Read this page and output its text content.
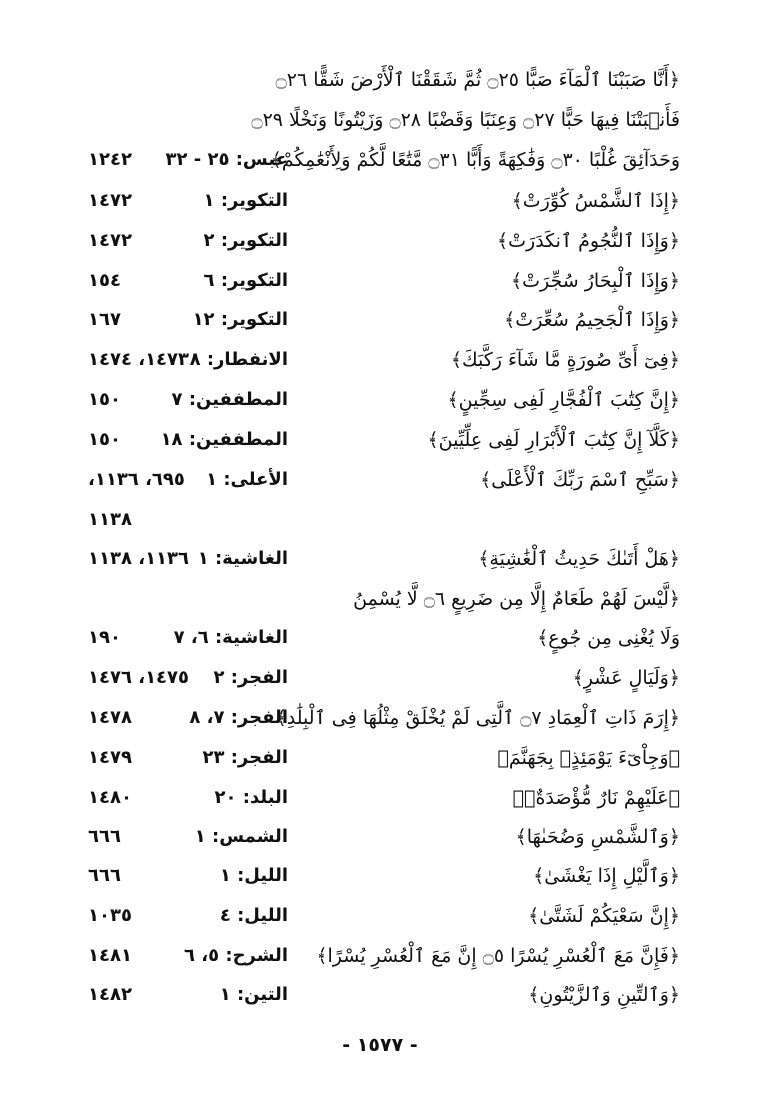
﴿أَنَّا صَبَبْنَا ٱلْمَآءَ صَبًّا ۝٢٥ ثُمَّ شَقَقْنَا ٱلْأَرْضَ شَقًّا ۝٢٦
فَأَنۢبَتْنَا فِيهَا حَبًّا ۝٢٧ وَعِنَبًا وَقَضْبًا ۝٢٨ وَزَيْتُونًا وَنَخْلًا ۝٢٩
وَحَدَآئِقَ غُلْبًا ۝٣٠ وَفَٰكِهَةً وَأَبًّا ۝٣١ مَّتَٰعًا لَّكُمْ وَلِأَنْعَٰمِكُمْ﴾
عبس: ٢٥ - ٣٢
١٢٤٢
﴿إِذَا ٱلشَّمْسُ كُوِّرَتْ﴾
التكوير: ١
١٤٧٢
﴿وَإِذَا ٱلنُّجُومُ ٱنكَدَرَتْ﴾
التكوير: ٢
١٤٧٢
﴿وَإِذَا ٱلْبِحَارُ سُجِّرَتْ﴾
التكوير: ٦
١٥٤
﴿وَإِذَا ٱلْجَحِيمُ سُعِّرَتْ﴾
التكوير: ١٢
١٦٧
﴿فِىٓ أَىِّ صُورَةٍ مَّا شَآءَ رَكَّبَكَ﴾
الانفطار: ٨
١٤٧٣، ١٤٧٤
﴿إِنَّ كِتَٰبَ ٱلْفُجَّارِ لَفِى سِجِّينٍ﴾
المطففين: ٧
١٥٠
﴿كَلَّآ إِنَّ كِتَٰبَ ٱلْأَبْرَارِ لَفِى عِلِّيِّينَ﴾
المطففين: ١٨
١٥٠
﴿سَبِّحِ ٱسْمَ رَبِّكَ ٱلْأَعْلَى﴾
الأعلى: ١
٦٩٥، ١١٣٦،
١١٣٨
﴿هَلْ أَتَىٰكَ حَدِيثُ ٱلْغَٰشِيَةِ﴾
الغاشية: ١
١١٣٦، ١١٣٨
﴿لَّيْسَ لَهُمْ طَعَامٌ إِلَّا مِن ضَرِيعٍ ۝٦ لَّا يُسْمِنُ
وَلَا يُغْنِى مِن جُوعٍ﴾
الغاشية: ٦، ٧
١٩٠
﴿وَلَيَالٍ عَشْرٍ﴾
الفجر: ٢
١٤٧٥، ١٤٧٦
﴿إِرَمَ ذَاتِ ٱلْعِمَادِ ۝٧ ٱلَّتِى لَمْ يُخْلَقْ مِثْلُهَا فِى ٱلْبِلَٰدِ﴾
الفجر: ٧، ٨
١٤٧٨
﴿وَجِاْىٓءَ يَوْمَئِذٍۭ بِجَهَنَّمَ﴾
الفجر: ٢٣
١٤٧٩
﴿عَلَيْهِمْ نَارٌ مُّؤْصَدَةٌۢ﴾
البلد: ٢٠
١٤٨٠
﴿وَٱلشَّمْسِ وَضُحَىٰهَا﴾
الشمس: ١
٦٦٦
﴿وَٱلَّيْلِ إِذَا يَغْشَىٰ﴾
الليل: ١
٦٦٦
﴿إِنَّ سَعْيَكُمْ لَشَتَّىٰ﴾
الليل: ٤
١٠٣٥
﴿فَإِنَّ مَعَ ٱلْعُسْرِ يُسْرًا ۝٥ إِنَّ مَعَ ٱلْعُسْرِ يُسْرًا﴾
الشرح: ٥، ٦
١٤٨١
﴿وَٱلتِّينِ وَٱلزَّيْتُونِ﴾
التين: ١
١٤٨٢
- ١٥٧٧ -
